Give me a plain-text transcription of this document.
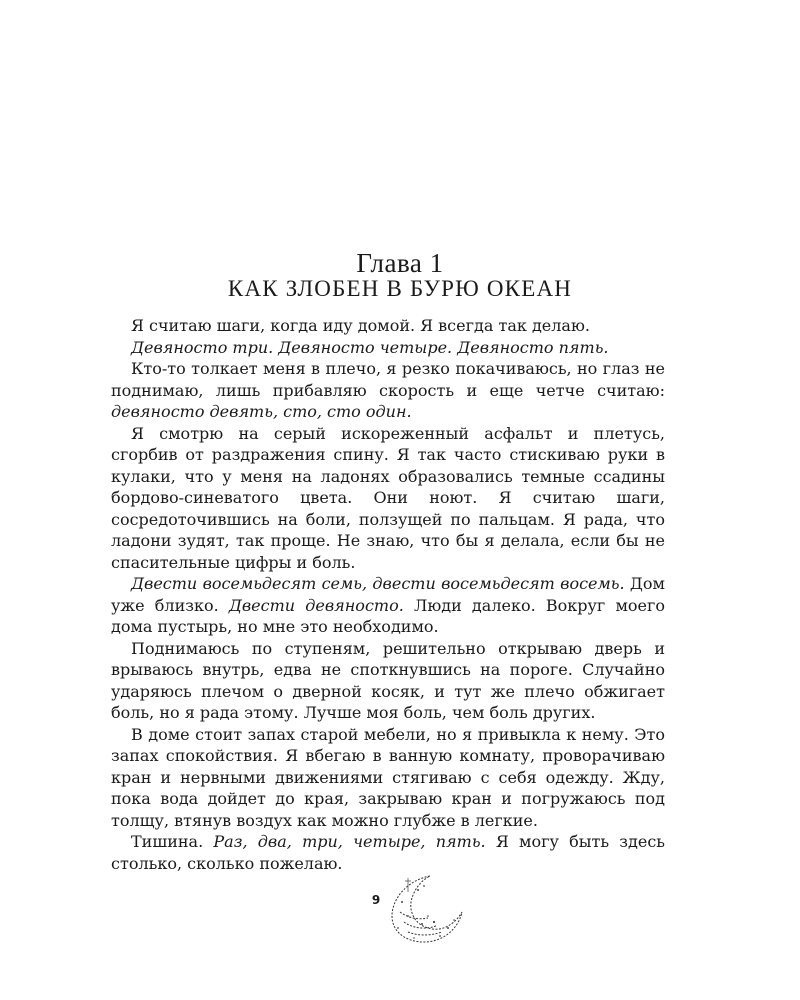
Глава 1
КАК ЗЛОБЕН В БУРЮ ОКЕАН

Я считаю шаги, когда иду домой. Я всегда так делаю.

Девяносто три. Девяносто четыре. Девяносто пять.

Кто-то толкает меня в плечо, я резко покачиваюсь, но глаз не поднимаю, лишь прибавляю скорость и еще четче считаю: девяносто девять, сто, сто один.

Я смотрю на серый искореженный асфальт и плетусь, сгорбив от раздражения спину. Я так часто стискиваю руки в кулаки, что у меня на ладонях образовались темные ссадины бордово-синеватого цвета. Они ноют. Я считаю шаги, сосредоточившись на боли, ползущей по пальцам. Я рада, что ладони зудят, так проще. Не знаю, что бы я делала, если бы не спасительные цифры и боль.

Двести восемьдесят семь, двести восемьдесят восемь. Дом уже близко. Двести девяносто. Люди далеко. Вокруг моего дома пустырь, но мне это необходимо.

Поднимаюсь по ступеням, решительно открываю дверь и врываюсь внутрь, едва не споткнувшись на пороге. Случайно ударяюсь плечом о дверной косяк, и тут же плечо обжигает боль, но я рада этому. Лучше моя боль, чем боль других.

В доме стоит запах старой мебели, но я привыкла к нему. Это запах спокойствия. Я вбегаю в ванную комнату, проворачиваю кран и нервными движениями стягиваю с себя одежду. Жду, пока вода дойдет до края, закрываю кран и погружаюсь под толщу, втянув воздух как можно глубже в легкие.

Тишина. Раз, два, три, четыре, пять. Я могу быть здесь столько, сколько пожелаю.

9
